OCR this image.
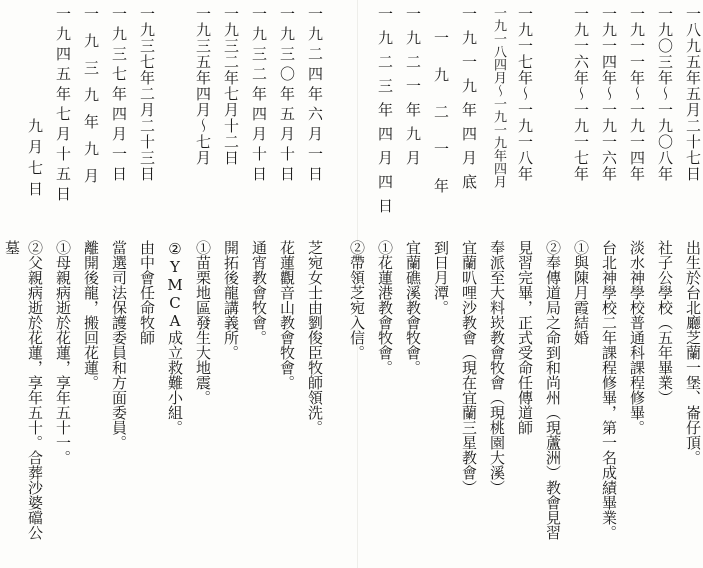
一八九五年五月二十七日
出生於台北廳芝蘭一堡、崙仔頂。
一九〇三年～一九〇八年
社子公學校（五年畢業）
一九一一年～一九一四年
淡水神學校普通科課程修畢。
一九一四年～一九一六年
台北神學校二年課程修畢，第一名成績畢業。
一九一六年～一九一七年
①與陳月霞結婚
②奉傳道局之命到和尚州（現蘆洲）教會見習
一九一七年～一九一八年
見習完畢，正式受命任傳道師
一九一八四月～一九一九年四月
奉派至大料崁教會牧會（現桃園大溪）
一九一九年四月底
宜蘭叭哩沙教會（現在宜蘭三星教會）
一九二一年
到日月潭。
一九二一年九月
宜蘭礁溪教會牧會。
一九二三年四月四日
①花蓮港教會牧會。
②帶領芝宛入信。
一九二四年六月一日
芝宛女士由劉俊臣牧師領洗。
一九三〇年五月十日
花蓮觀音山教會牧會。
一九三二年四月十日
通宵教會牧會。
一九三二年七月十二日
開拓後龍講義所。
一九三五年四月～七月
①苗栗地區發生大地震。
②YMCA成立救難小組。
一九三七年二月二十三日
由中會任命牧師
一九三七年四月一日
當選司法保護委員和方面委員。
一九三九年九月
離開後龍，搬回花蓮。
一九四五年七月十五日
①母親病逝於花蓮，享年五十一。
九月七日
②父親病逝於花蓮，享年五十。合葬沙婆礑公
墓
